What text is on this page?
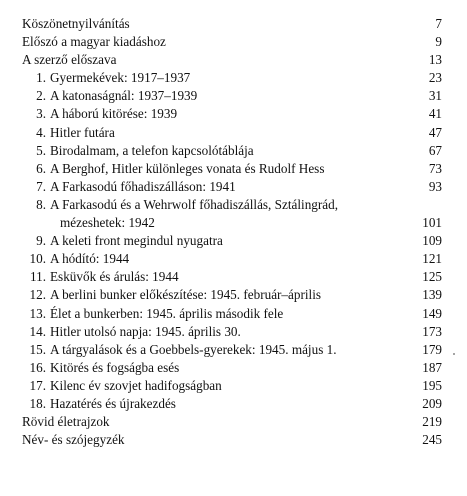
Köszönetnyilvánítás	7
Előszó a magyar kiadáshoz	9
A szerző előszava	13
1. Gyermekévek: 1917–1937	23
2. A katonaságnál: 1937–1939	31
3. A háború kitörése: 1939	41
4. Hitler futára	47
5. Birodalmam, a telefon kapcsolótáblája	67
6. A Berghof, Hitler különleges vonata és Rudolf Hess	73
7. A Farkasodú főhadiszálláson: 1941	93
8. A Farkasodú és a Wehrwolf főhadiszállás, Sztálingrád,
mézeshetek: 1942	101
9. A keleti front megindul nyugatra	109
10. A hódító: 1944	121
11. Esküvők és árulás: 1944	125
12. A berlini bunker előkészítése: 1945. február–április	139
13. Élet a bunkerben: 1945. április második fele	149
14. Hitler utolsó napja: 1945. április 30.	173
15. A tárgyalások és a Goebbels-gyerekek: 1945. május 1.	179
16. Kitörés és fogságba esés	187
17. Kilenc év szovjet hadifogságban	195
18. Hazatérés és újrakezdés	209
Rövid életrajzok	219
Név- és szójegyzék	245
